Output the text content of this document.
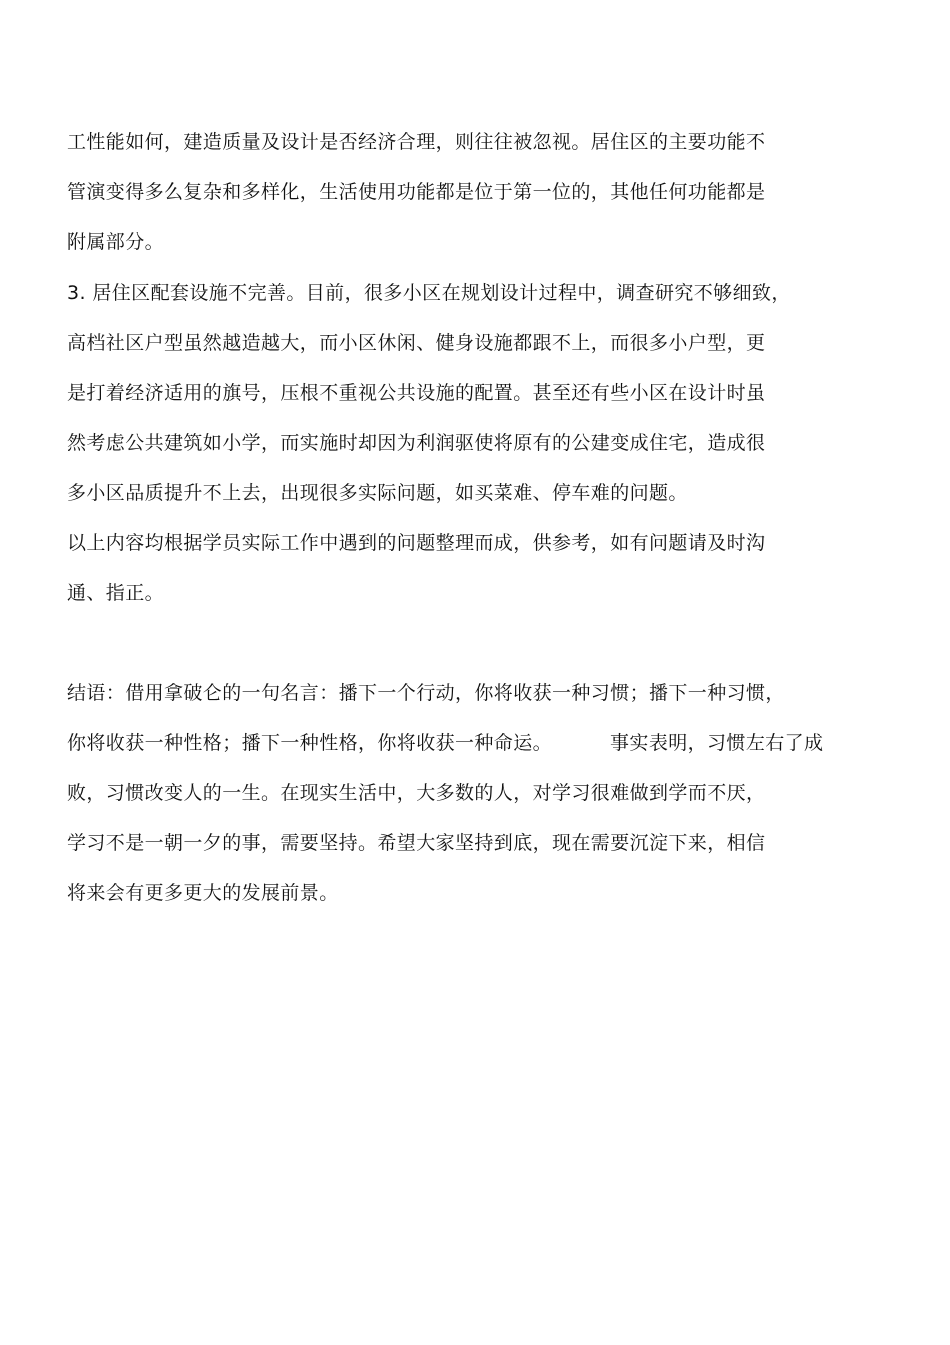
工性能如何，建造质量及设计是否经济合理，则往往被忽视。居住区的主要功能不
管演变得多么复杂和多样化，生活使用功能都是位于第一位的，其他任何功能都是
附属部分。
3. 居住区配套设施不完善。目前，很多小区在规划设计过程中，调查研究不够细致，
高档社区户型虽然越造越大，而小区休闲、健身设施都跟不上，而很多小户型，更
是打着经济适用的旗号，压根不重视公共设施的配置。甚至还有些小区在设计时虽
然考虑公共建筑如小学，而实施时却因为利润驱使将原有的公建变成住宅，造成很
多小区品质提升不上去，出现很多实际问题，如买菜难、停车难的问题。
以上内容均根据学员实际工作中遇到的问题整理而成，供参考，如有问题请及时沟
通、指正。
结语：借用拿破仑的一句名言：播下一个行动，你将收获一种习惯；播下一种习惯，
你将收获一种性格；播下一种性格，你将收获一种命运。	事实表明，习惯左右了成
败，习惯改变人的一生。在现实生活中，大多数的人，对学习很难做到学而不厌，
学习不是一朝一夕的事，需要坚持。希望大家坚持到底，现在需要沉淀下来，相信
将来会有更多更大的发展前景。
